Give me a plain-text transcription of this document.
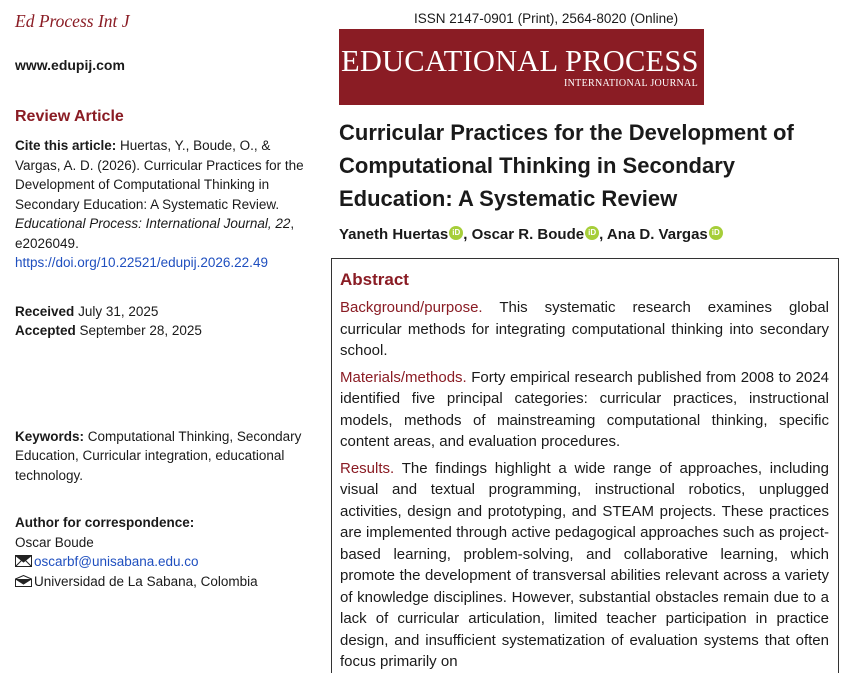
Ed Process Int J
www.edupij.com
Review Article
Cite this article: Huertas, Y., Boude, O., & Vargas, A. D. (2026). Curricular Practices for the Development of Computational Thinking in Secondary Education: A Systematic Review. Educational Process: International Journal, 22, e2026049.
https://doi.org/10.22521/edupij.2026.22.49
Received July 31, 2025
Accepted September 28, 2025
Keywords: Computational Thinking, Secondary Education, Curricular integration, educational technology.
Author for correspondence:
Oscar Boude
oscarbf@unisabana.edu.co
Universidad de La Sabana, Colombia
ISSN 2147-0901 (Print), 2564-8020 (Online)
EDUCATIONAL PROCESS
INTERNATIONAL JOURNAL
Curricular Practices for the Development of Computational Thinking in Secondary Education: A Systematic Review
Yaneth Huertas iD , Oscar R. Boude iD , Ana D. Vargas iD
Abstract

Background/purpose. This systematic research examines global curricular methods for integrating computational thinking into secondary school.

Materials/methods. Forty empirical research published from 2008 to 2024 identified five principal categories: curricular practices, instructional models, methods of mainstreaming computational thinking, specific content areas, and evaluation procedures.

Results. The findings highlight a wide range of approaches, including visual and textual programming, instructional robotics, unplugged activities, design and prototyping, and STEAM projects. These practices are implemented through active pedagogical approaches such as project-based learning, problem-solving, and collaborative learning, which promote the development of transversal abilities relevant across a variety of knowledge disciplines. However, substantial obstacles remain due to a lack of curricular articulation, limited teacher participation in practice design, and insufficient systematization of evaluation systems that often focus primarily on
